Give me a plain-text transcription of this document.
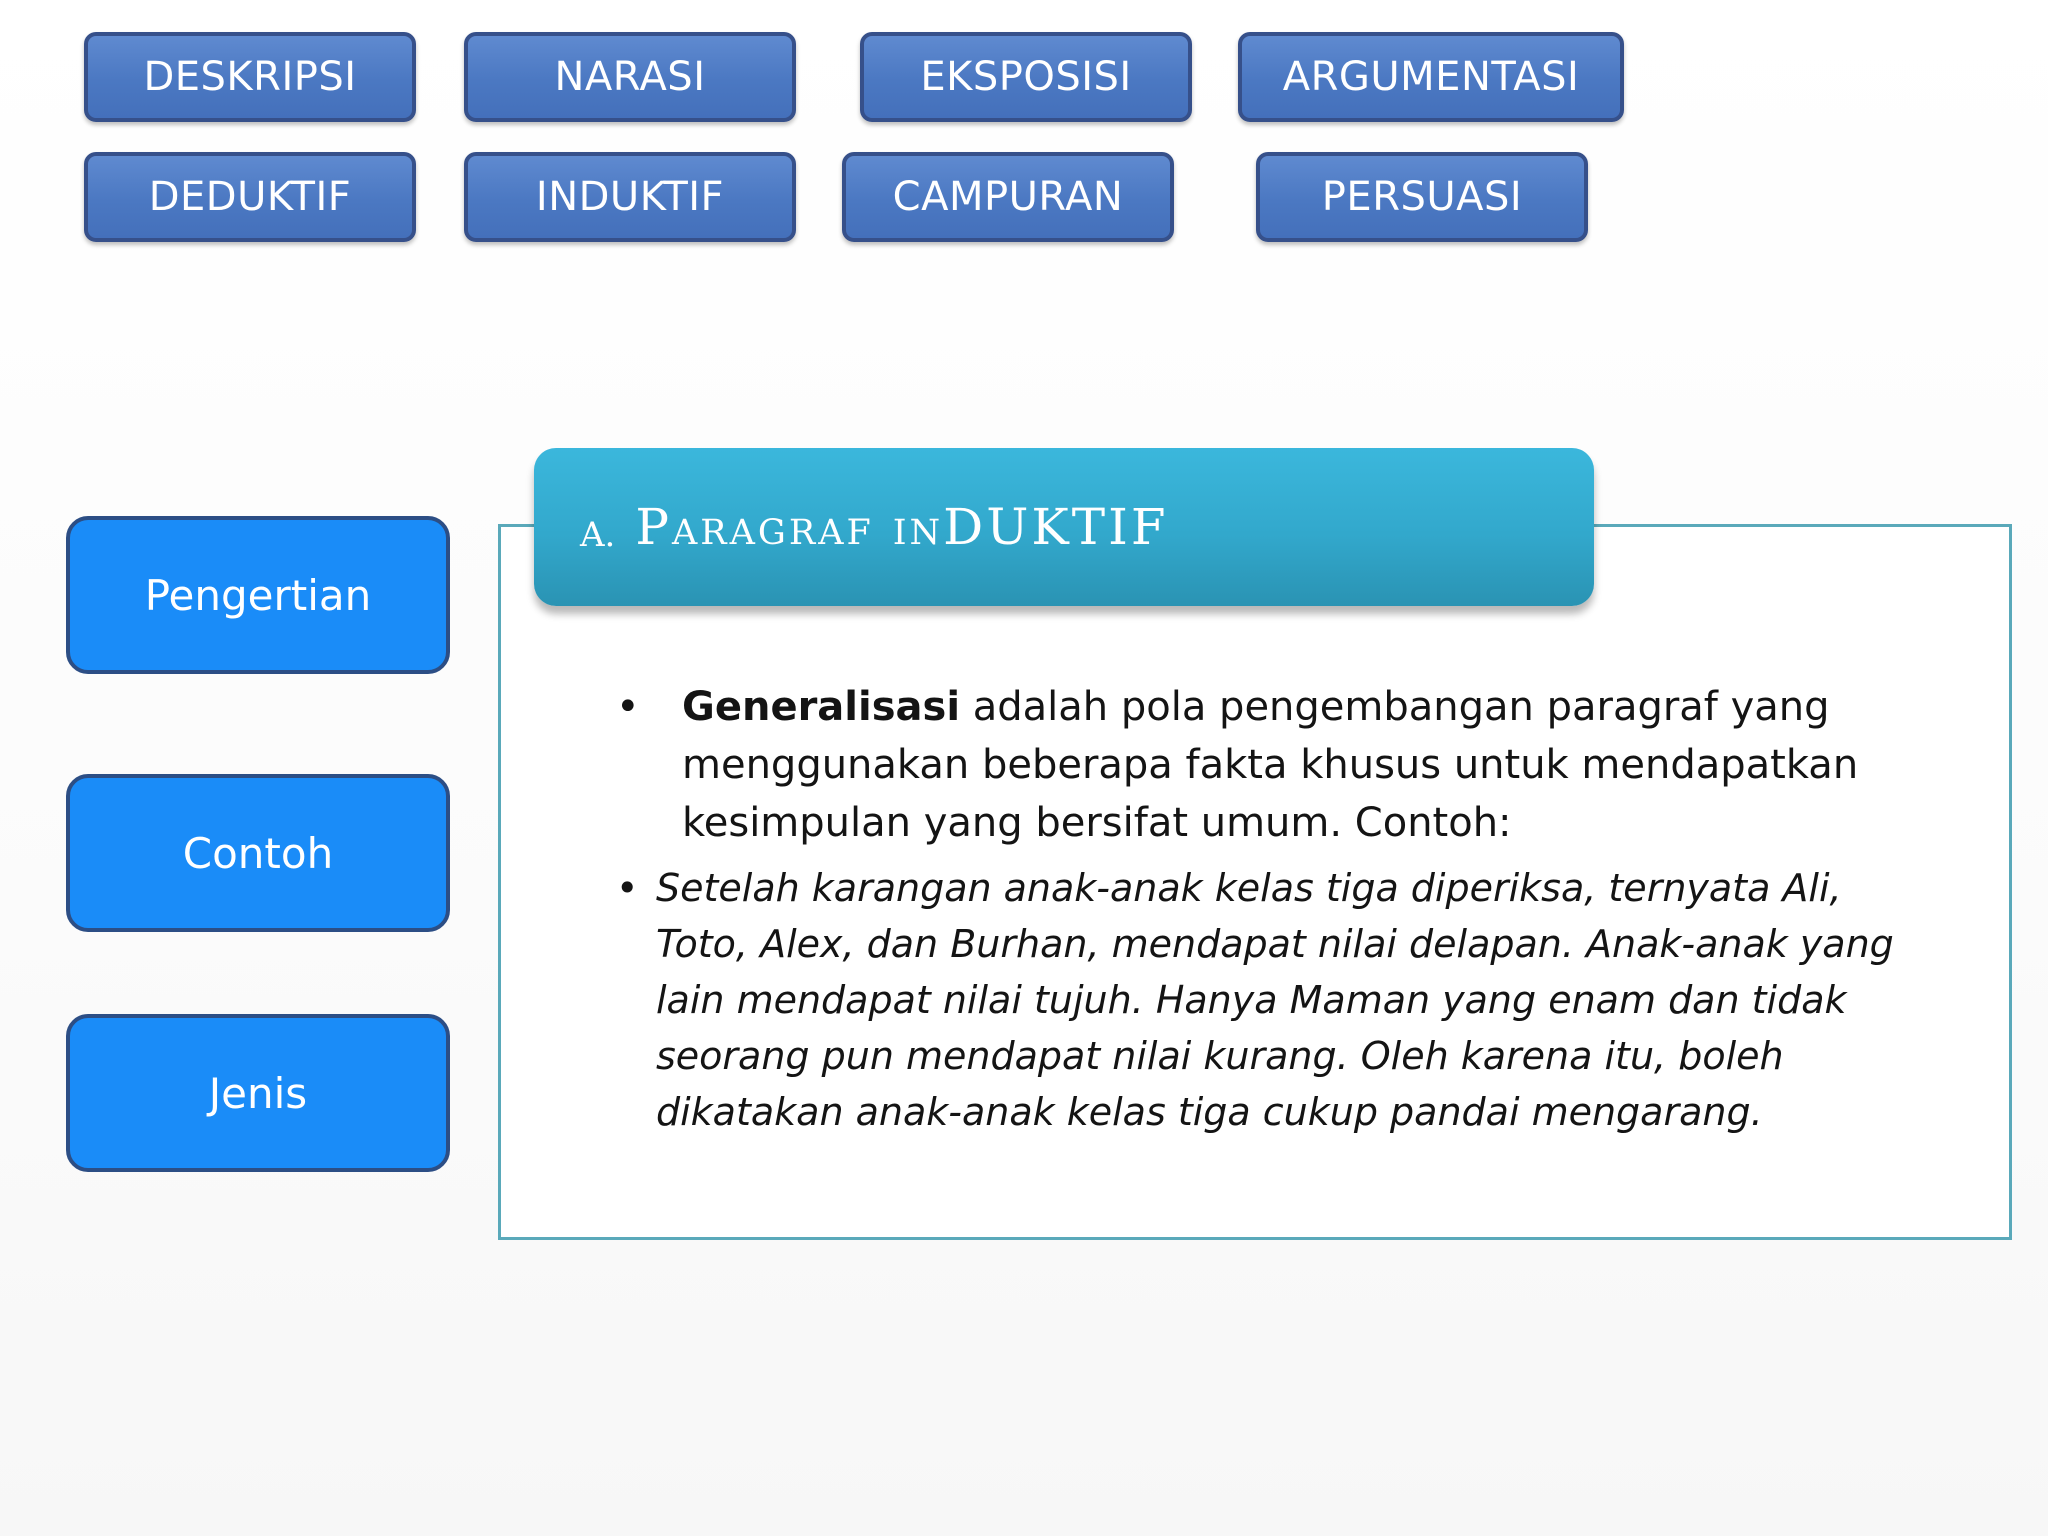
DESKRIPSI	NARASI	EKSPOSISI	ARGUMENTASI
DEDUKTIF	INDUKTIF	CAMPURAN	PERSUASI
Pengertian
Contoh
Jenis
A. Paragraf inDUKTIF
• Generalisasi adalah pola pengembangan paragraf yang menggunakan beberapa fakta khusus untuk mendapatkan kesimpulan yang bersifat umum. Contoh:
• Setelah karangan anak-anak kelas tiga diperiksa, ternyata Ali, Toto, Alex, dan Burhan, mendapat nilai delapan. Anak-anak yang lain mendapat nilai tujuh. Hanya Maman yang enam dan tidak seorang pun mendapat nilai kurang. Oleh karena itu, boleh dikatakan anak-anak kelas tiga cukup pandai mengarang.
